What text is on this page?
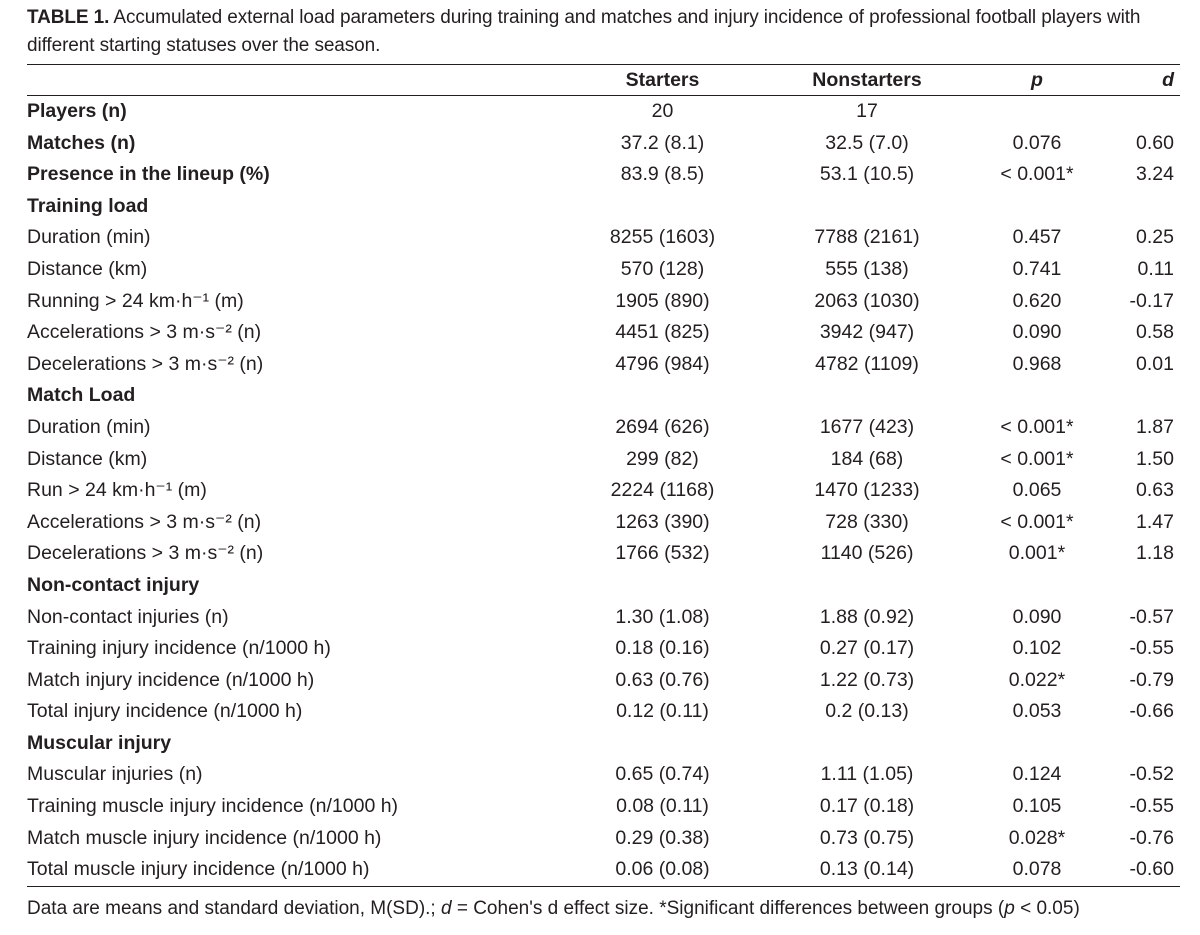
TABLE 1. Accumulated external load parameters during training and matches and injury incidence of professional football players with different starting statuses over the season.
	Starters	Nonstarters	p	d
Players (n)	20	17		
Matches (n)	37.2 (8.1)	32.5 (7.0)	0.076	0.60
Presence in the lineup (%)	83.9 (8.5)	53.1 (10.5)	< 0.001*	3.24
Training load				
Duration (min)	8255 (1603)	7788 (2161)	0.457	0.25
Distance (km)	570 (128)	555 (138)	0.741	0.11
Running > 24 km·h⁻¹ (m)	1905 (890)	2063 (1030)	0.620	-0.17
Accelerations > 3 m·s⁻² (n)	4451 (825)	3942 (947)	0.090	0.58
Decelerations > 3 m·s⁻² (n)	4796 (984)	4782 (1109)	0.968	0.01
Match Load				
Duration (min)	2694 (626)	1677 (423)	< 0.001*	1.87
Distance (km)	299 (82)	184 (68)	< 0.001*	1.50
Run > 24 km·h⁻¹ (m)	2224 (1168)	1470 (1233)	0.065	0.63
Accelerations > 3 m·s⁻² (n)	1263 (390)	728 (330)	< 0.001*	1.47
Decelerations > 3 m·s⁻² (n)	1766 (532)	1140 (526)	0.001*	1.18
Non-contact injury				
Non-contact injuries (n)	1.30 (1.08)	1.88 (0.92)	0.090	-0.57
Training injury incidence (n/1000 h)	0.18 (0.16)	0.27 (0.17)	0.102	-0.55
Match injury incidence (n/1000 h)	0.63 (0.76)	1.22 (0.73)	0.022*	-0.79
Total injury incidence (n/1000 h)	0.12 (0.11)	0.2 (0.13)	0.053	-0.66
Muscular injury				
Muscular injuries (n)	0.65 (0.74)	1.11 (1.05)	0.124	-0.52
Training muscle injury incidence (n/1000 h)	0.08 (0.11)	0.17 (0.18)	0.105	-0.55
Match muscle injury incidence (n/1000 h)	0.29 (0.38)	0.73 (0.75)	0.028*	-0.76
Total muscle injury incidence (n/1000 h)	0.06 (0.08)	0.13 (0.14)	0.078	-0.60
Data are means and standard deviation, M(SD).; d = Cohen's d effect size. *Significant differences between groups (p < 0.05)
